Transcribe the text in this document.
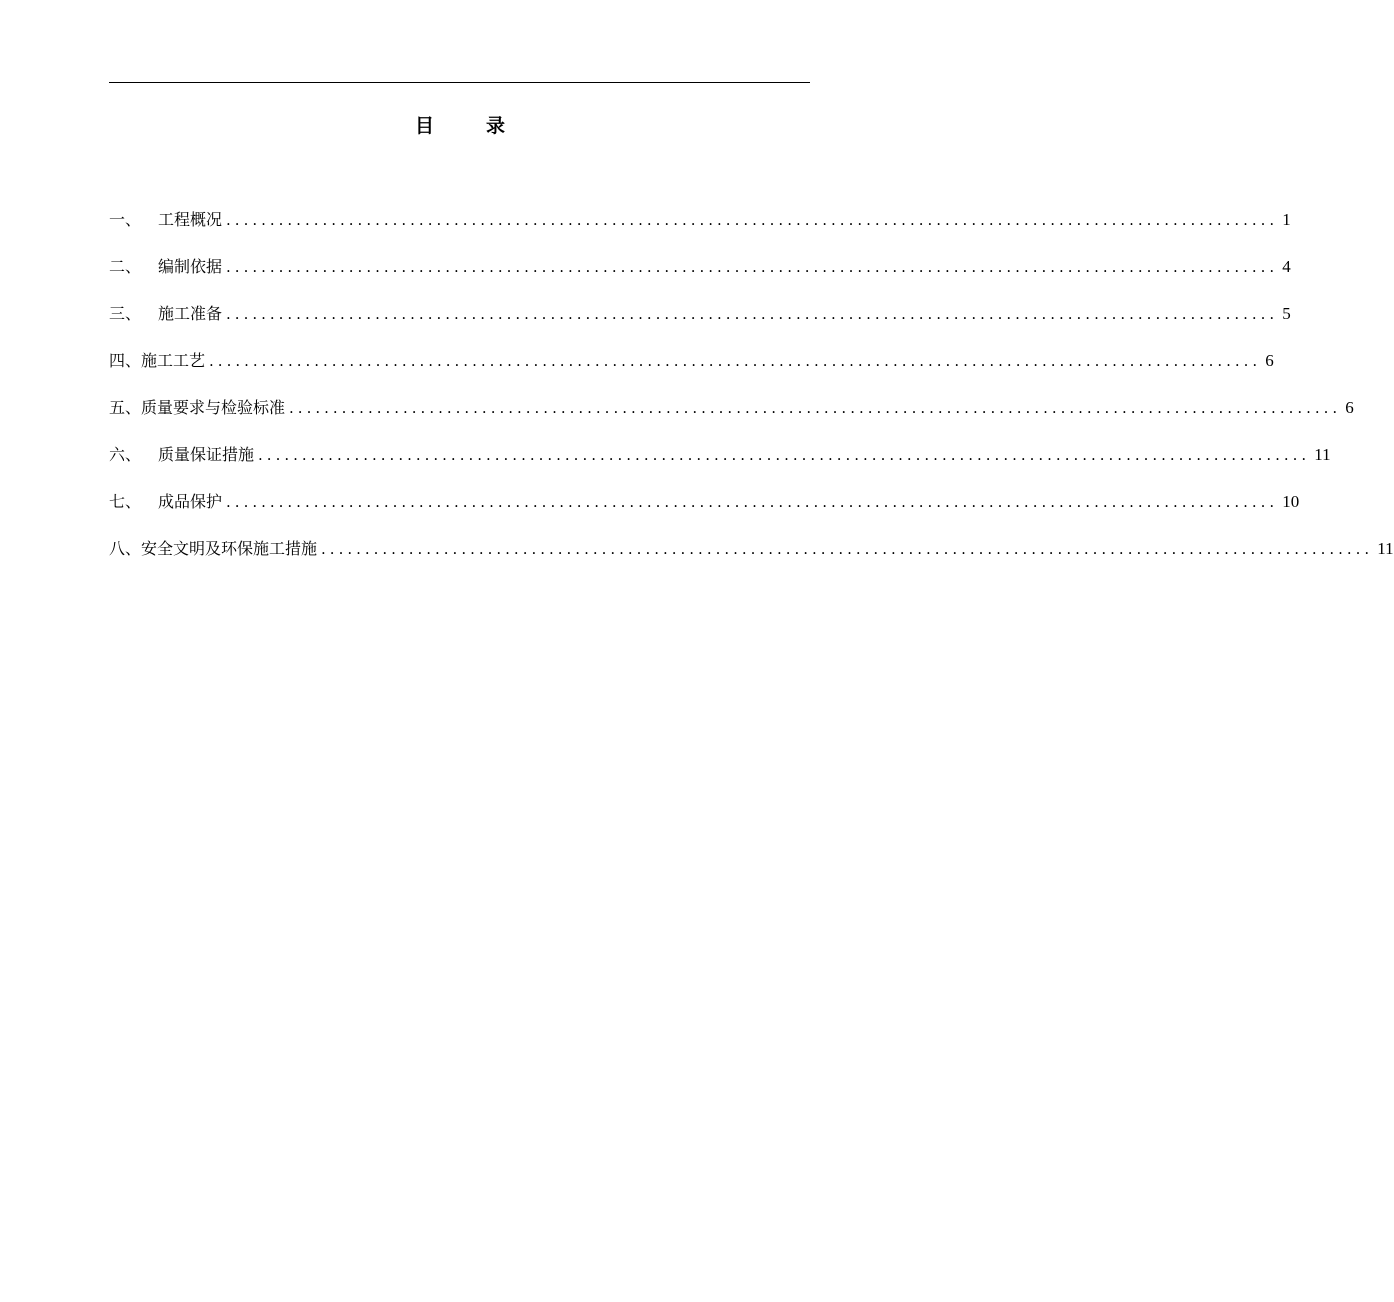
目	录
一、 工程概况 ........................................................................................................................ 1
二、 编制依据 ........................................................................................................................ 4
三、 施工准备 ........................................................................................................................ 5
四、 施工工艺 ........................................................................................................................ 6
五、 质量要求与检验标准 ........................................................................................................................ 6
六、 质量保证措施 ........................................................................................................................ 11
七、 成品保护 ........................................................................................................................ 10
八、 安全文明及环保施工措施 ........................................................................................................................ 11
